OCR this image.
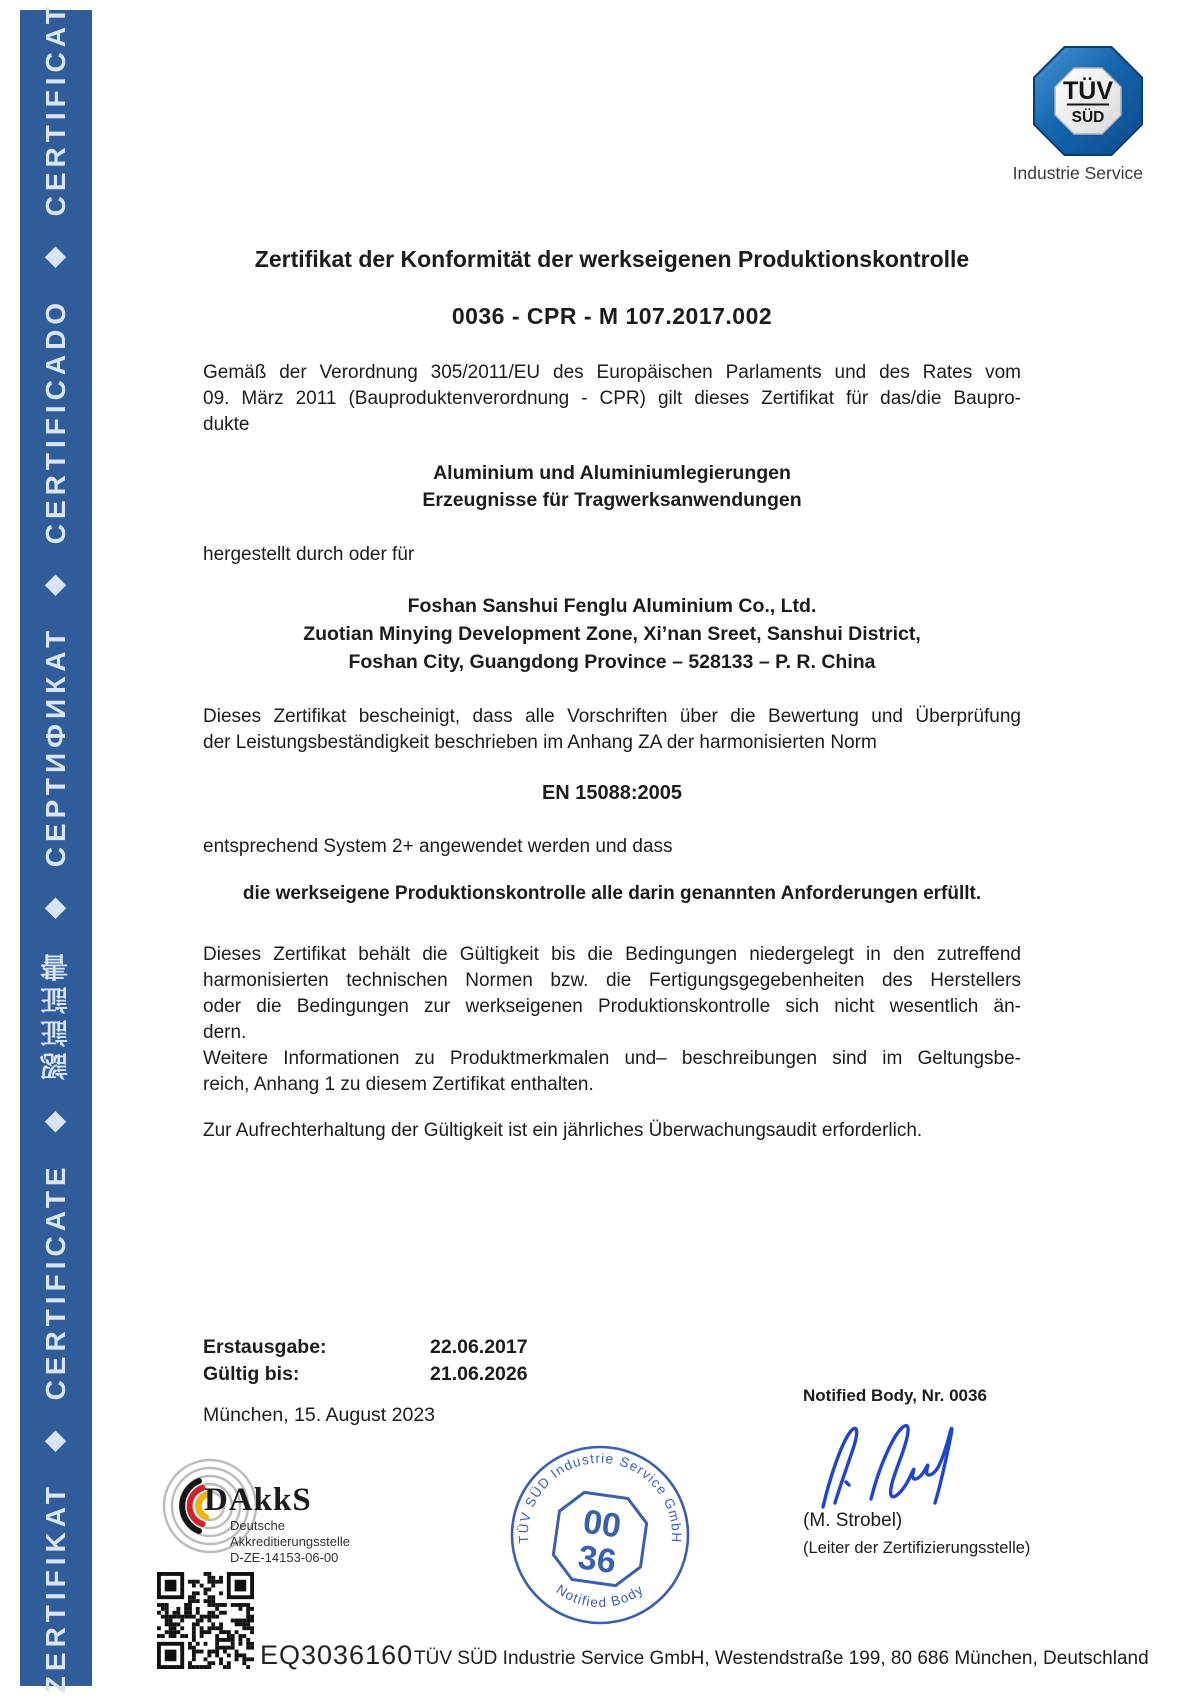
ZERTIFIKAT ◆ CERTIFICATE ◆ 認証証書 ◆ СЕРТИФИКАТ ◆ CERTIFICADO ◆ CERTIFICAT	TÜV
SÜD
Industrie Service
Zertifikat der Konformität der werkseigenen Produktionskontrolle
0036 - CPR - M 107.2017.002
Gemäß der Verordnung 305/2011/EU des Europäischen Parlaments und des Rates vom
09. März 2011 (Bauproduktenverordnung - CPR) gilt dieses Zertifikat für das/die Baupro-
dukte
Aluminium und Aluminiumlegierungen
Erzeugnisse für Tragwerksanwendungen
hergestellt durch oder für
Foshan Sanshui Fenglu Aluminium Co., Ltd.
Zuotian Minying Development Zone, Xi’nan Sreet, Sanshui District,
Foshan City, Guangdong Province – 528133 – P. R. China
Dieses Zertifikat bescheinigt, dass alle Vorschriften über die Bewertung und Überprüfung
der Leistungsbeständigkeit beschrieben im Anhang ZA der harmonisierten Norm
EN 15088:2005
entsprechend System 2+ angewendet werden und dass
die werkseigene Produktionskontrolle alle darin genannten Anforderungen erfüllt.
Dieses Zertifikat behält die Gültigkeit bis die Bedingungen niedergelegt in den zutreffend
harmonisierten technischen Normen bzw. die Fertigungsgegebenheiten des Herstellers
oder die Bedingungen zur werkseigenen Produktionskontrolle sich nicht wesentlich än-
dern.
Weitere Informationen zu Produktmerkmalen und– beschreibungen sind im Geltungsbe-
reich, Anhang 1 zu diesem Zertifikat enthalten.
Zur Aufrechterhaltung der Gültigkeit ist ein jährliches Überwachungsaudit erforderlich.
Erstausgabe:	22.06.2017
Gültig bis:	21.06.2026
München, 15. August 2023
Notified Body, Nr. 0036
(M. Strobel)
(Leiter der Zertifizierungsstelle)
DAkkS
Deutsche
Akkreditierungsstelle
D-ZE-14153-06-00
TÜV SÜD Industrie Service GmbH
Notified Body
00
36
EQ3036160 TÜV SÜD Industrie Service GmbH, Westendstraße 199, 80 686 München, Deutschland
